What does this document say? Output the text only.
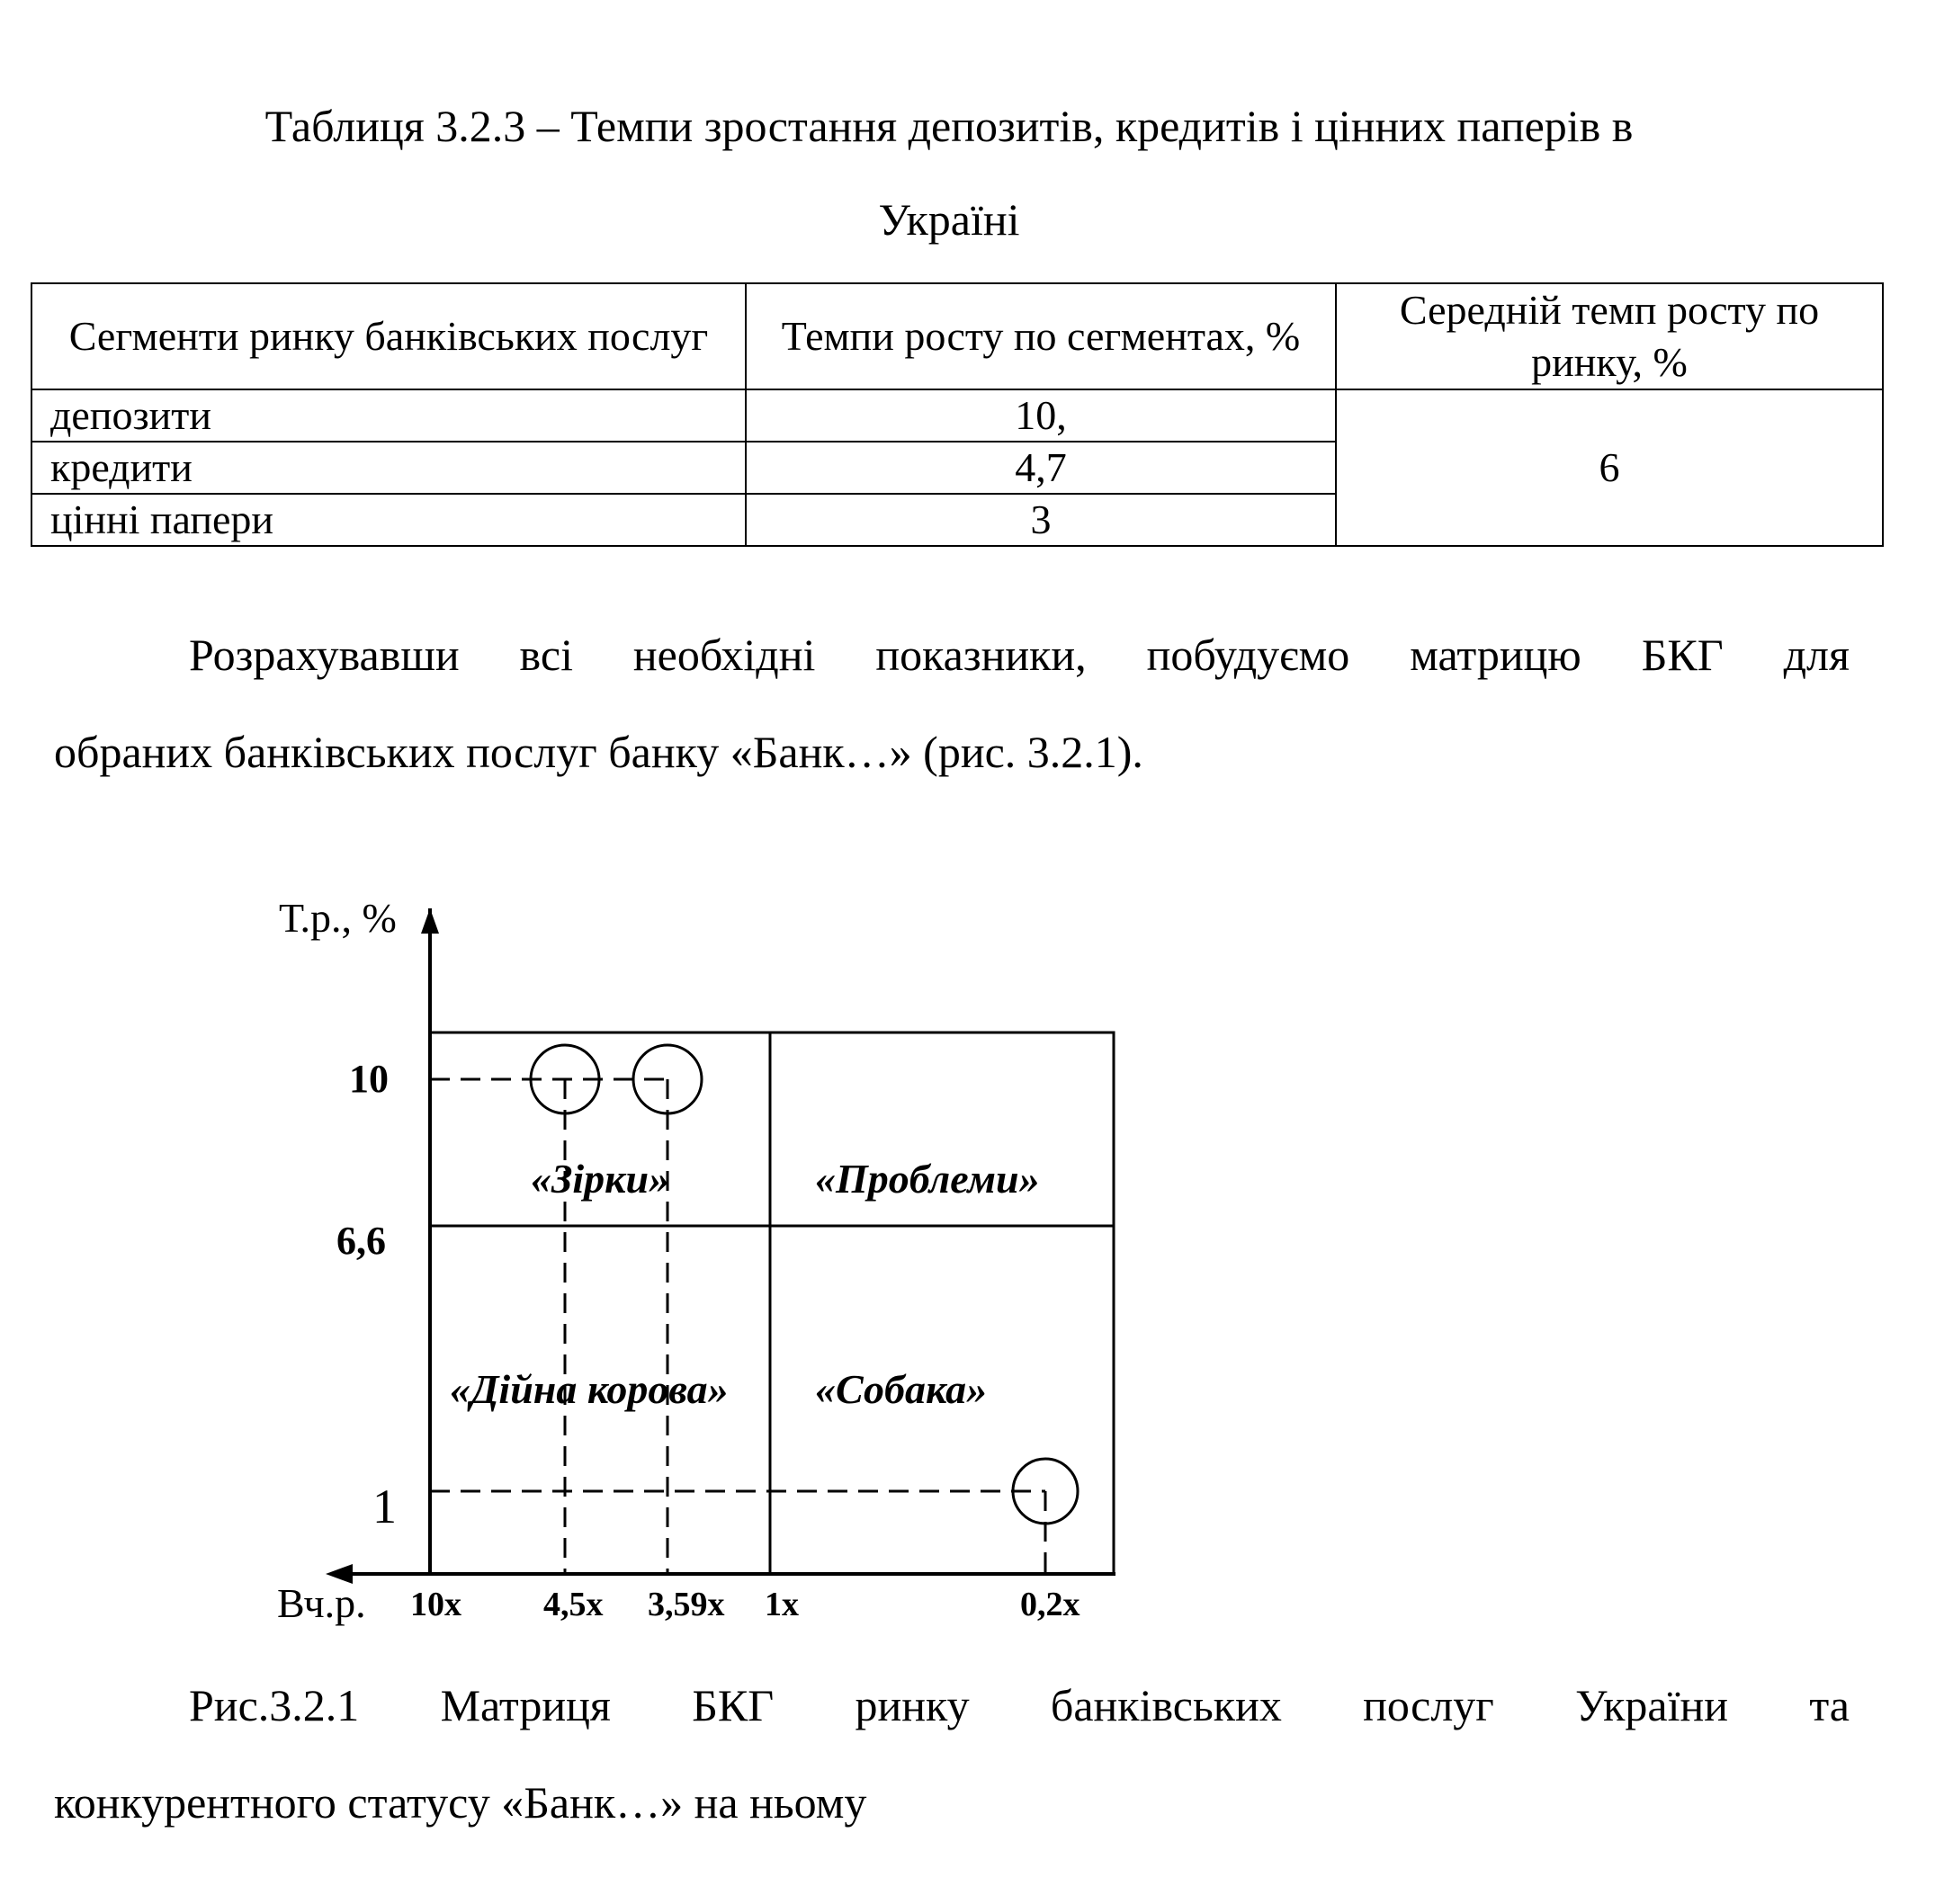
Таблиця 3.2.3 – Темпи зростання депозитів, кредитів і цінних паперів в

Україні

Сегменти ринку банківських послуг	Темпи росту по сегментах, %	Середній темп росту по ринку, %
депозити	10,	6
кредити	4,7	
цінні папери	3	
Розрахувавши всі необхідні показники, побудуємо матрицю БКГ для
обраних банківських послуг банку «Банк…» (рис. 3.2.1).
Т.р., %
Вч.р.
10
6,6
1
10x 4,5x 3,59x 1x	0,2x
«Зірки»	«Проблеми»
«Дійна корова» «Собака»
Рис.3.2.1 Матриця БКГ ринку банківських послуг України та
конкурентного статусу «Банк…» на ньому
